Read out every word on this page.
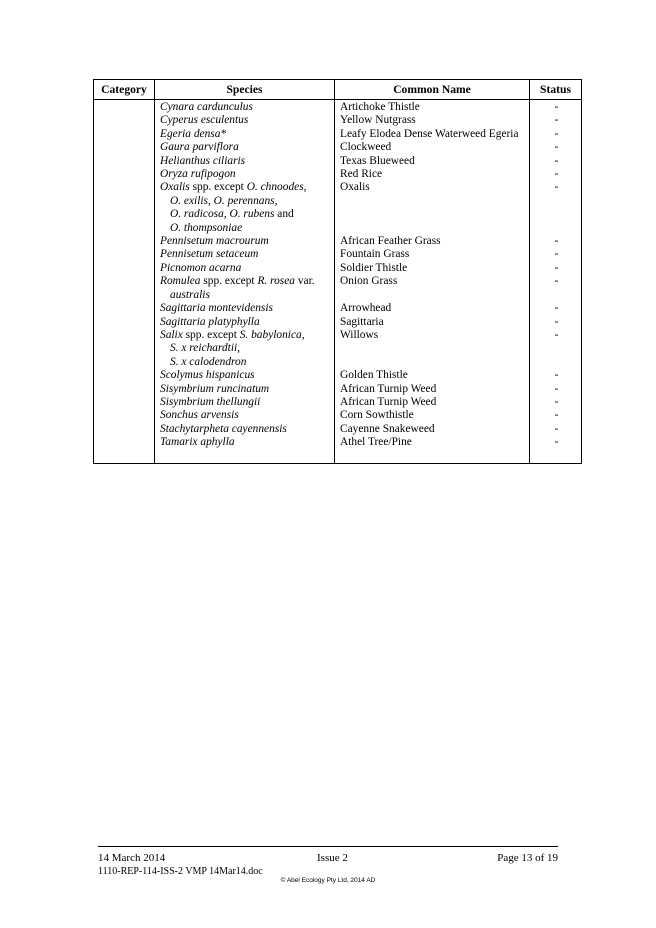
Category	Species	Common Name	Status
	Cynara cardunculus	Artichoke Thistle	-
	Cyperus esculentus	Yellow Nutgrass	-
	Egeria densa*	Leafy Elodea Dense Waterweed Egeria	-
	Gaura parviflora	Clockweed	-
	Helianthus ciliaris	Texas Blueweed	-
	Oryza rufipogon	Red Rice	-
	Oxalis spp. except O. chnoodes,
O. exilis, O. perennans,
O. radicosa, O. rubens and
O. thompsoniae	Oxalis	-
	Pennisetum macrourum	African Feather Grass	-
	Pennisetum setaceum	Fountain Grass	-
	Picnomon acarna	Soldier Thistle	-
	Romulea spp. except R. rosea var.
australis	Onion Grass	-
	Sagittaria montevidensis	Arrowhead	-
	Sagittaria platyphylla	Sagittaria	-
	Salix spp. except S. babylonica,
S. x reichardtii,
S. x calodendron	Willows	-
	Scolymus hispanicus	Golden Thistle	-
	Sisymbrium runcinatum	African Turnip Weed	-
	Sisymbrium thellungii	African Turnip Weed	-
	Sonchus arvensis	Corn Sowthistle	-
	Stachytarpheta cayennensis	Cayenne Snakeweed	-
	Tamarix aphylla	Athel Tree/Pine	-
14 March 2014	Issue 2	Page 13 of 19
1110-REP-114-ISS-2 VMP 14Mar14.doc
© Abel Ecology Pty Ltd, 2014 AD
